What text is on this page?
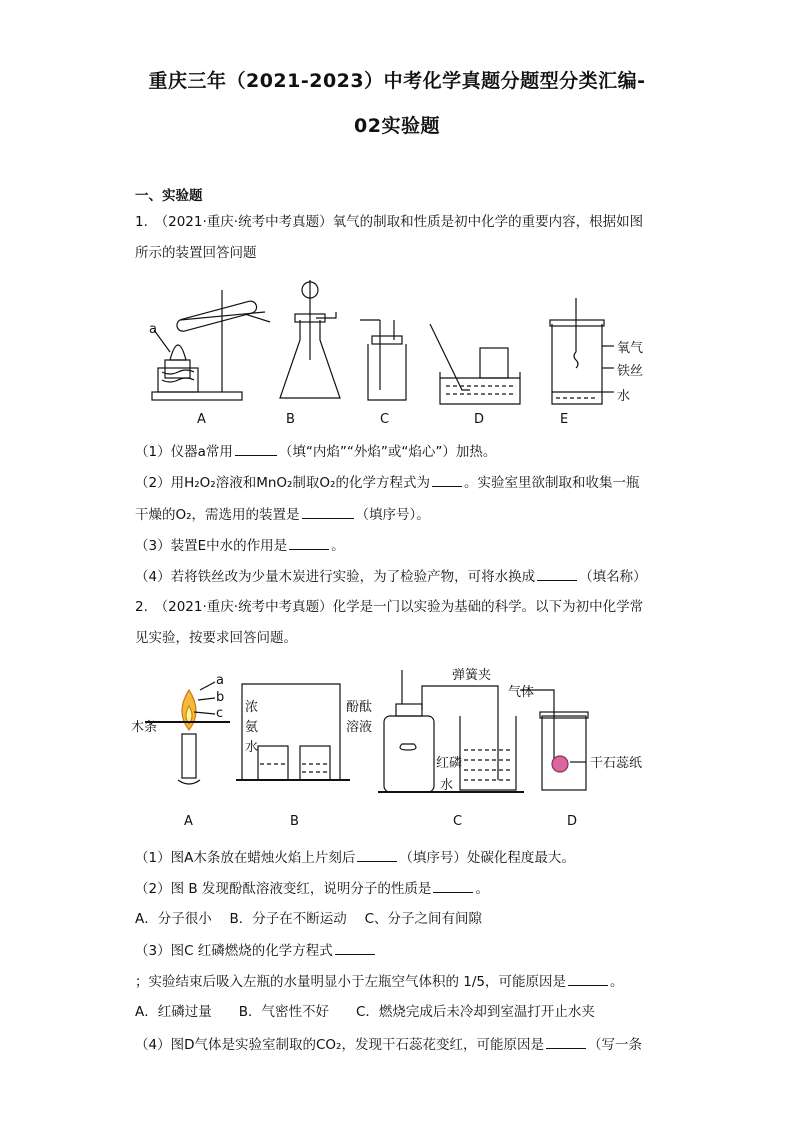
重庆三年（2021-2023）中考化学真题分题型分类汇编-
02实验题
一、实验题
1.　（2021·重庆·统考中考真题）氧气的制取和性质是初中化学的重要内容，根据如图
所示的装置回答问题
a
氧气
铁丝
水
A	B	C	D	E
（1）仪器a常用	（填“内焰”“外焰”或“焰心”）加热。
（2）用H₂O₂溶液和MnO₂制取O₂的化学方程式为	。实验室里欲制取和收集一瓶
干燥的O₂，需选用的装置是	（填序号）。
（3）装置E中水的作用是	。
（4）若将铁丝改为少量木炭进行实验，为了检验产物，可将水换成	（填名称）
2.　（2021·重庆·统考中考真题）化学是一门以实验为基础的科学。以下为初中化学常
见实验，按要求回答问题。
a
b
c
木条
浓
氨
水
酚酞
溶液
弹簧夹
红磷
水
气体
干石蕊纸
A	B	C	D
（1）图A木条放在蜡烛火焰上片刻后	（填序号）处碳化程度最大。
（2）图 B 发现酚酞溶液变红，说明分子的性质是	。
A．分子很小　 B．分子在不断运动　 C、分子之间有间隙
（3）图C 红磷燃烧的化学方程式
；实验结束后吸入左瓶的水量明显小于左瓶空气体积的 1/5，可能原因是	。
A．红磷过量　　B．气密性不好　　C．燃烧完成后未冷却到室温打开止水夹
（4）图D气体是实验室制取的CO₂，发现干石蕊花变红，可能原因是	（写一条
